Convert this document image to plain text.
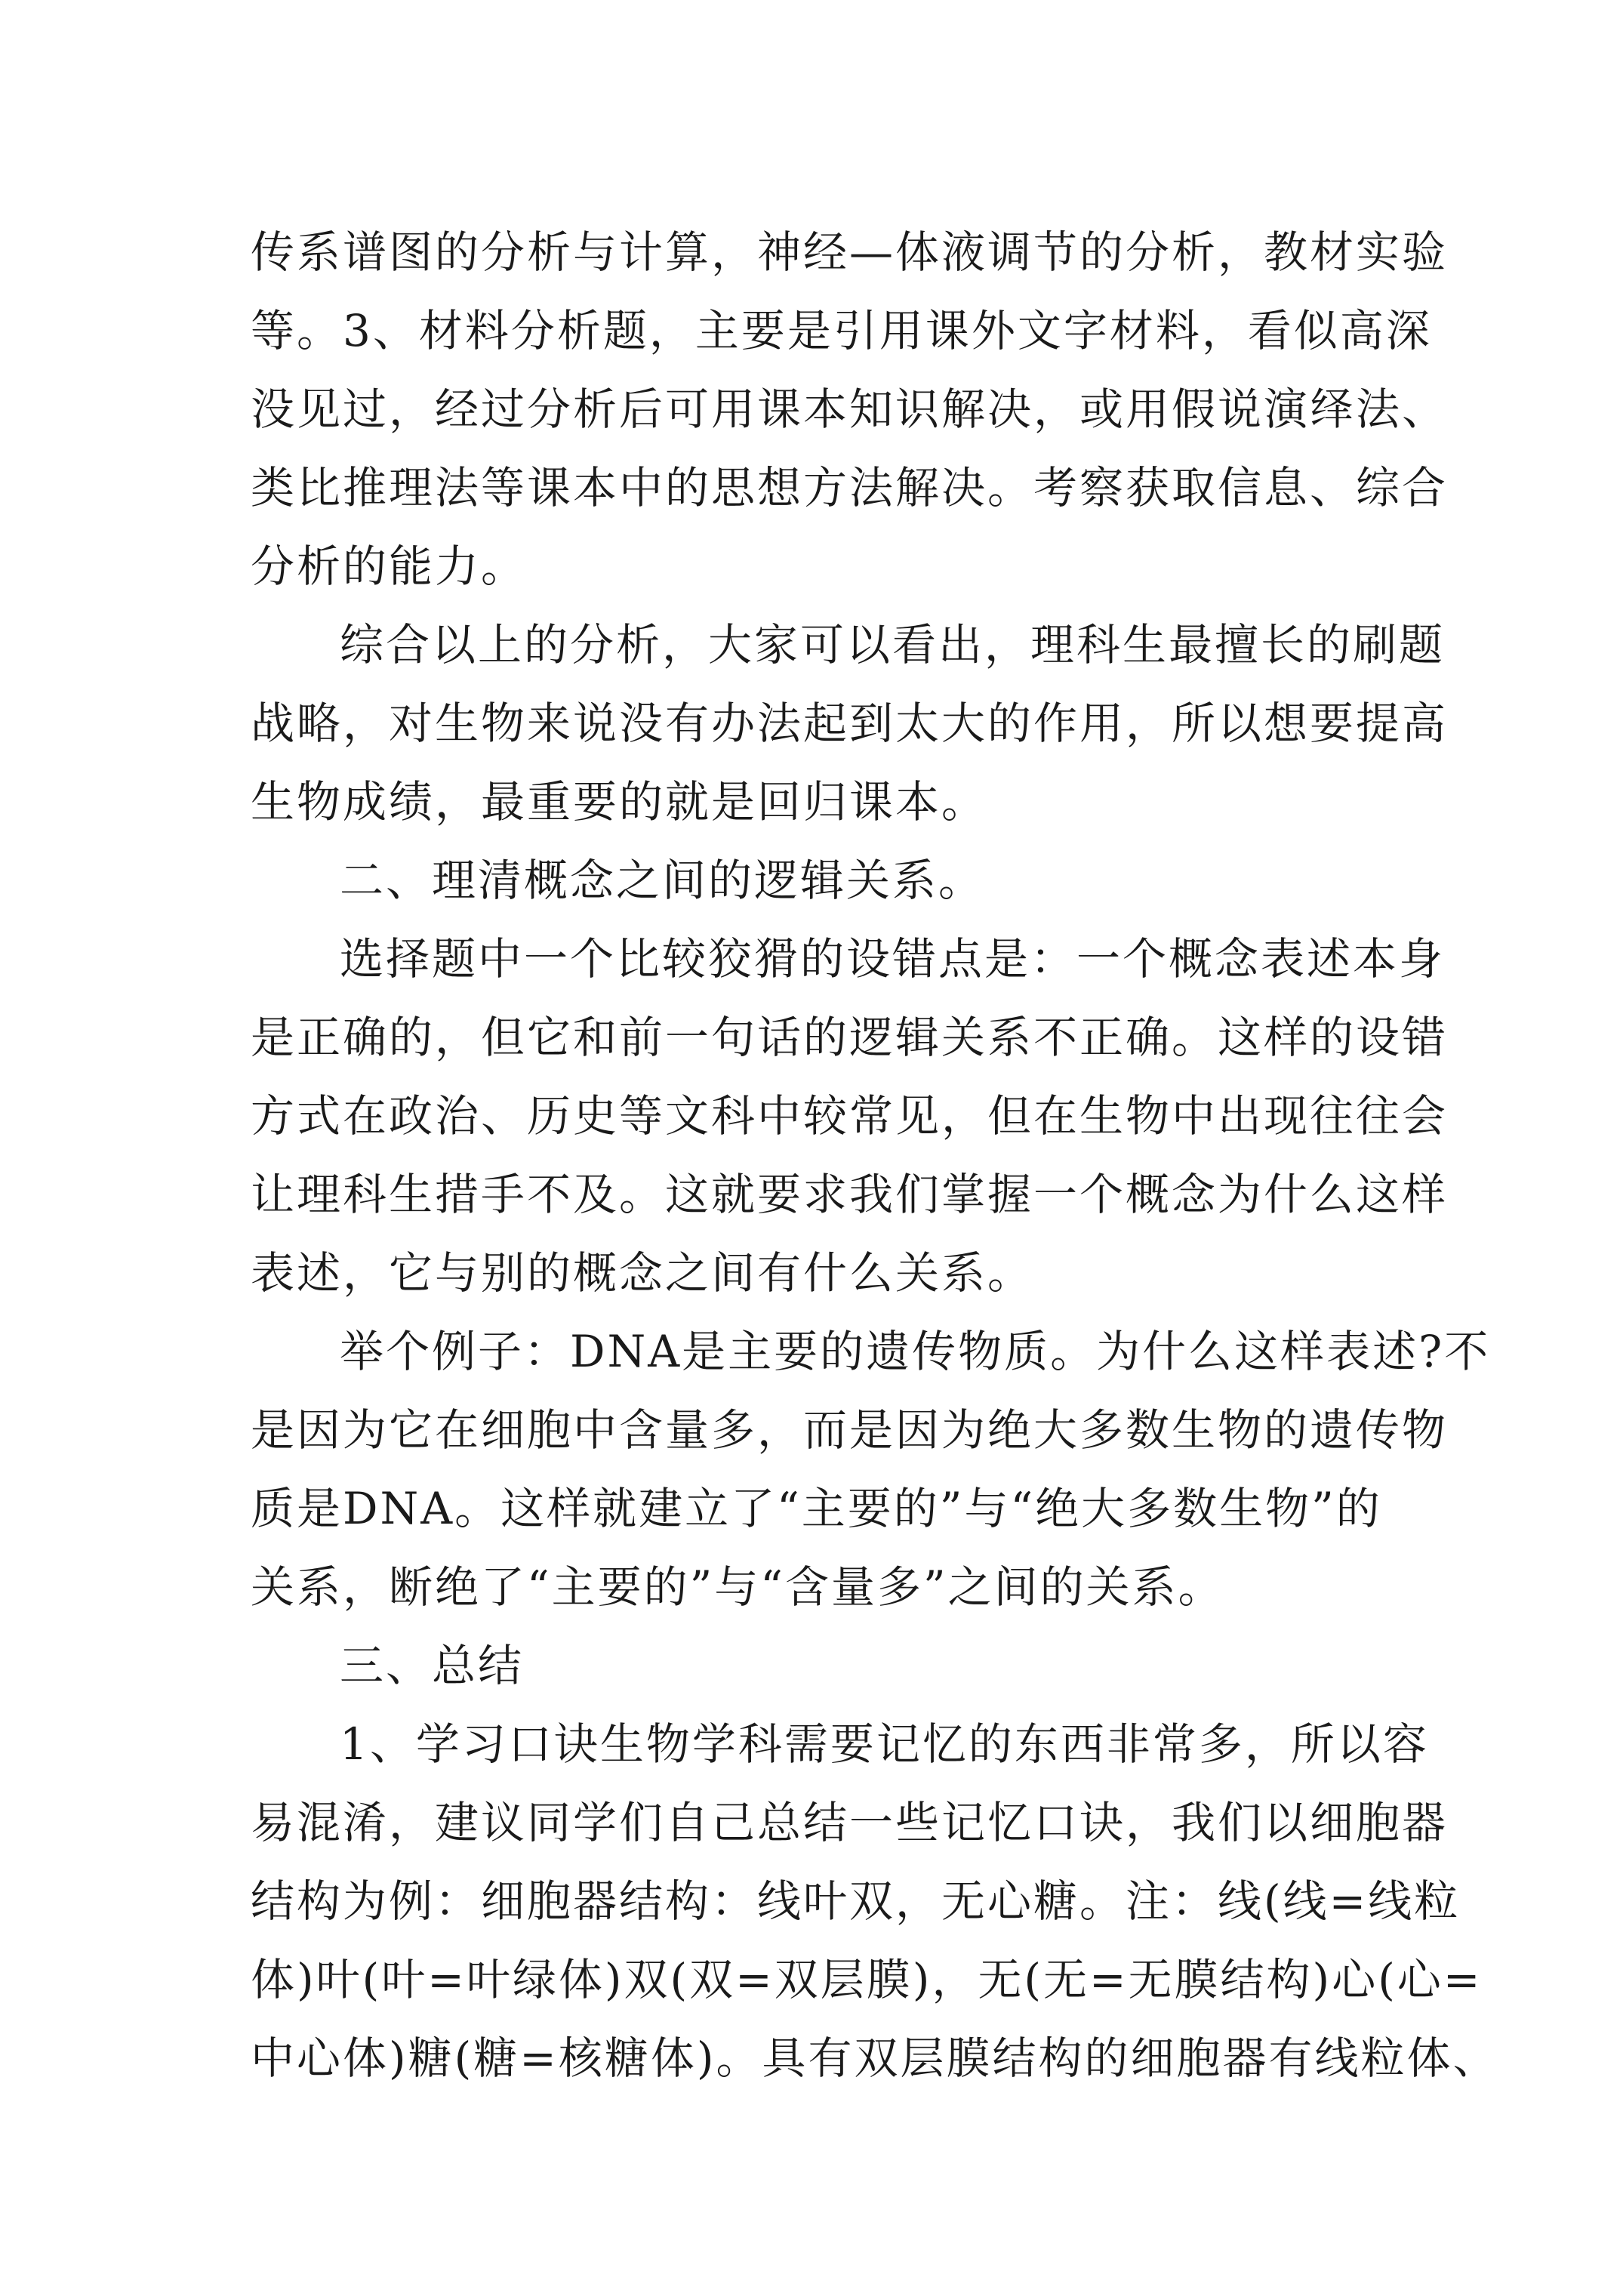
传系谱图的分析与计算，神经—体液调节的分析，教材实验
等。3、材料分析题，主要是引用课外文字材料，看似高深
没见过，经过分析后可用课本知识解决，或用假说演绎法、
类比推理法等课本中的思想方法解决。考察获取信息、综合
分析的能力。
综合以上的分析，大家可以看出，理科生最擅长的刷题
战略，对生物来说没有办法起到太大的作用，所以想要提高
生物成绩，最重要的就是回归课本。
二、理清概念之间的逻辑关系。
选择题中一个比较狡猾的设错点是：一个概念表述本身
是正确的，但它和前一句话的逻辑关系不正确。这样的设错
方式在政治、历史等文科中较常见，但在生物中出现往往会
让理科生措手不及。这就要求我们掌握一个概念为什么这样
表述，它与别的概念之间有什么关系。
举个例子：DNA是主要的遗传物质。为什么这样表述?不
是因为它在细胞中含量多，而是因为绝大多数生物的遗传物
质是DNA。这样就建立了“主要的”与“绝大多数生物”的
关系，断绝了“主要的”与“含量多”之间的关系。
三、总结
1、学习口诀生物学科需要记忆的东西非常多，所以容
易混淆，建议同学们自己总结一些记忆口诀，我们以细胞器
结构为例：细胞器结构：线叶双，无心糖。注：线(线=线粒
体)叶(叶=叶绿体)双(双=双层膜)，无(无=无膜结构)心(心=
中心体)糖(糖=核糖体)。具有双层膜结构的细胞器有线粒体、
